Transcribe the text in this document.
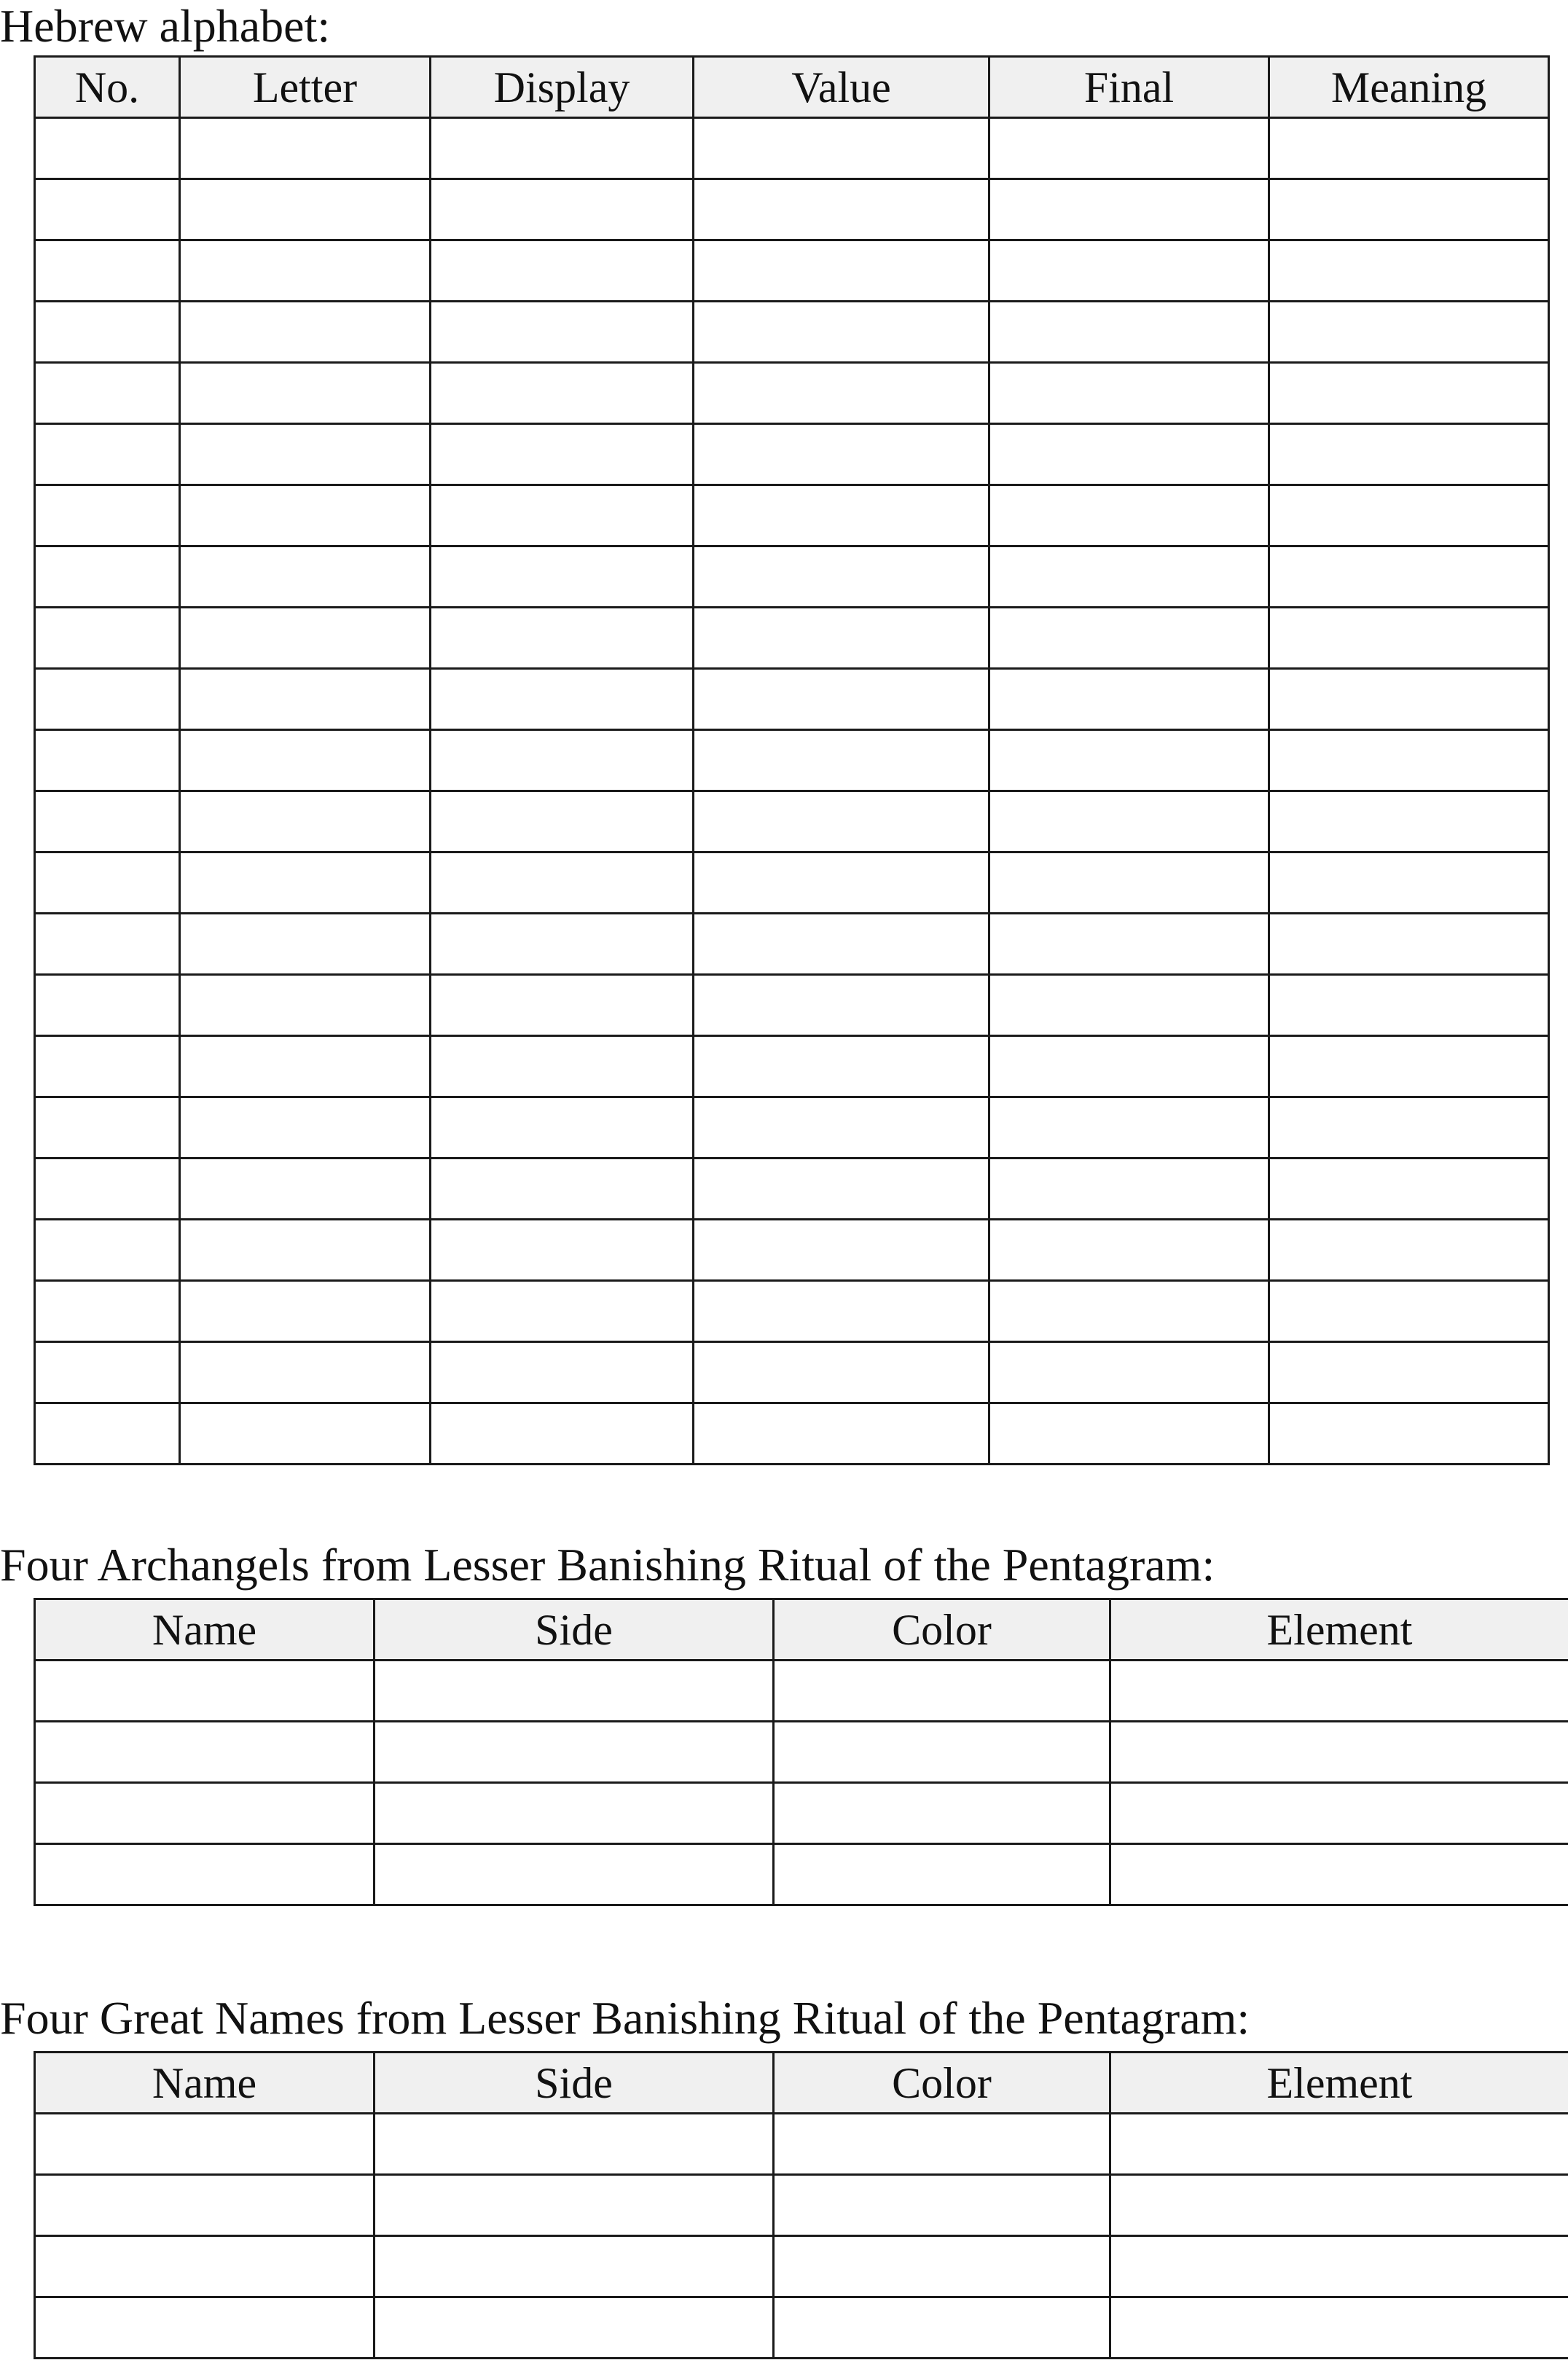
Hebrew alphabet:
No.	Letter	Display	Value	Final	Meaning

Four Archangels from Lesser Banishing Ritual of the Pentagram:
Name	Side	Color	Element

Four Great Names from Lesser Banishing Ritual of the Pentagram:
Name	Side	Color	Element
